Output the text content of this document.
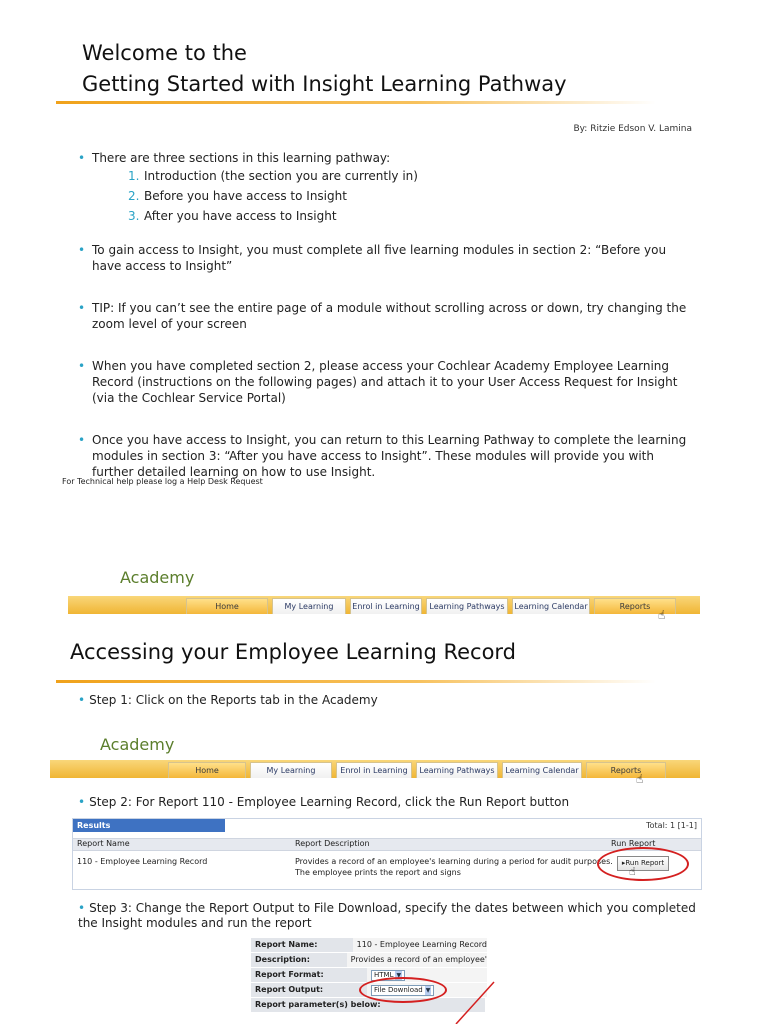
Welcome to the
Getting Started with Insight Learning Pathway
By: Ritzie Edson V. Lamina
• There are three sections in this learning pathway:
1. Introduction (the section you are currently in)
2. Before you have access to Insight
3. After you have access to Insight
• To gain access to Insight, you must complete all five learning modules in section 2: “Before you have access to Insight”
• TIP: If you can’t see the entire page of a module without scrolling across or down, try changing the zoom level of your screen
• When you have completed section 2, please access your Cochlear Academy Employee Learning Record (instructions on the following pages) and attach it to your User Access Request for Insight (via the Cochlear Service Portal)
• Once you have access to Insight, you can return to this Learning Pathway to complete the learning modules in section 3: “After you have access to Insight”. These modules will provide you with further detailed learning on how to use Insight.
For Technical help please log a Help Desk Request
Academy
Home	My Learning	Enrol in Learning	Learning Pathways	Learning Calendar	Reports
☝
Accessing your Employee Learning Record
• Step 1: Click on the Reports tab in the Academy
Academy
Home	My Learning	Enrol in Learning	Learning Pathways	Learning Calendar	Reports
☝
• Step 2: For Report 110 - Employee Learning Record, click the Run Report button
Results	Total: 1 [1-1]
Report Name	Report Description	Run Report
110 - Employee Learning Record	Provides a record of an employee's learning during a period for audit purposes.
The employee prints the report and signs
▸Run Report
☝
• Step 3: Change the Report Output to File Download, specify the dates between which you completed the Insight modules and run the report
Report Name:	110 - Employee Learning Record
Description:	Provides a record of an employee'
Report Format:	HTML ▼
Report Output:	File Download ▼
Report parameter(s) below:
